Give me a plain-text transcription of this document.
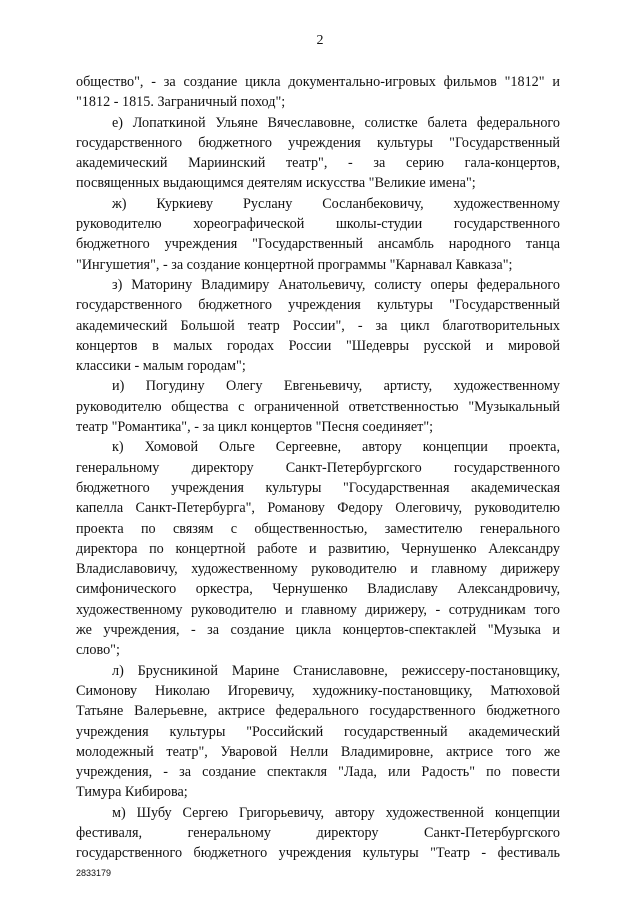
2

общество", - за создание цикла документально-игровых фильмов "1812" и
"1812 - 1815. Заграничный поход";

е) Лопаткиной Ульяне Вячеславовне, солистке балета федерального
государственного бюджетного учреждения культуры "Государственный
академический Мариинский театр", - за серию гала-концертов,
посвященных выдающимся деятелям искусства "Великие имена";

ж) Куркиеву Руслану Сосланбековичу, художественному
руководителю хореографической школы-студии государственного
бюджетного учреждения "Государственный ансамбль народного танца
"Ингушетия", - за создание концертной программы "Карнавал Кавказа";

з) Маторину Владимиру Анатольевичу, солисту оперы федерального
государственного бюджетного учреждения культуры "Государственный
академический Большой театр России", - за цикл благотворительных
концертов в малых городах России "Шедевры русской и мировой
классики - малым городам";

и) Погудину Олегу Евгеньевичу, артисту, художественному
руководителю общества с ограниченной ответственностью "Музыкальный
театр "Романтика", - за цикл концертов "Песня соединяет";

к) Хомовой Ольге Сергеевне, автору концепции проекта,
генеральному директору Санкт-Петербургского государственного
бюджетного учреждения культуры "Государственная академическая
капелла Санкт-Петербурга", Романову Федору Олеговичу, руководителю
проекта по связям с общественностью, заместителю генерального
директора по концертной работе и развитию, Чернушенко Александру
Владиславовичу, художественному руководителю и главному дирижеру
симфонического оркестра, Чернушенко Владиславу Александровичу,
художественному руководителю и главному дирижеру, - сотрудникам того
же учреждения, - за создание цикла концертов-спектаклей "Музыка и
слово";

л) Брусникиной Марине Станиславовне, режиссеру-постановщику,
Симонову Николаю Игоревичу, художнику-постановщику, Матюховой
Татьяне Валерьевне, актрисе федерального государственного бюджетного
учреждения культуры "Российский государственный академический
молодежный театр", Уваровой Нелли Владимировне, актрисе того же
учреждения, - за создание спектакля "Лада, или Радость" по повести
Тимура Кибирова;

м) Шубу Сергею Григорьевичу, автору художественной концепции
фестиваля, генеральному директору Санкт-Петербургского
государственного бюджетного учреждения культуры "Театр - фестиваль

2833179
